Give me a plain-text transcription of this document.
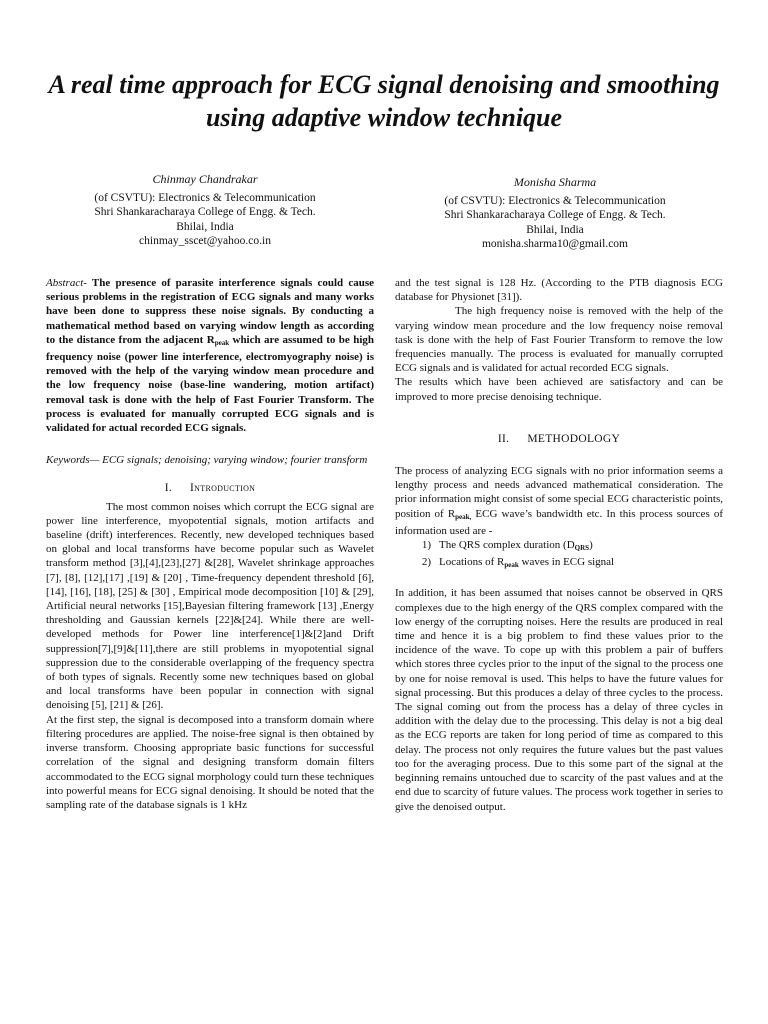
A real time approach for ECG signal denoising and smoothing using adaptive window technique
Chinmay Chandrakar
(of CSVTU): Electronics & Telecommunication
Shri Shankaracharaya College of Engg. & Tech.
Bhilai, India
chinmay_sscet@yahoo.co.in
Monisha Sharma
(of CSVTU): Electronics & Telecommunication
Shri Shankaracharaya College of Engg. & Tech.
Bhilai, India
monisha.sharma10@gmail.com

Abstract- The presence of parasite interference signals could cause serious problems in the registration of ECG signals and many works have been done to suppress these noise signals. By conducting a mathematical method based on varying window length as according to the distance from the adjacent $R_{peak}$ which are assumed to be high frequency noise (power line interference, electromyography noise) is removed with the help of the varying window mean procedure and the low frequency noise (base-line wandering, motion artifact) removal task is done with the help of Fast Fourier Transform. The process is evaluated for manually corrupted ECG signals and is validated for actual recorded ECG signals.

Keywords— ECG signals; denoising; varying window; fourier transform

I. Introduction

The most common noises which corrupt the ECG signal are power line interference, myopotential signals, motion artifacts and baseline (drift) interferences. Recently, new developed techniques based on global and local transforms have become popular such as Wavelet transform method [3],[4],[23],[27] &[28], Wavelet shrinkage approaches [7], [8], [12],[17] ,[19] & [20] , Time-frequency dependent threshold [6], [14], [16], [18], [25] & [30] , Empirical mode decomposition [10] & [29], Artificial neural networks [15],Bayesian filtering framework [13] ,Energy thresholding and Gaussian kernels [22]&[24]. While there are well-developed methods for Power line interference[1]&[2]and Drift suppression[7],[9]&[11],there are still problems in myopotential signal suppression due to the considerable overlapping of the frequency spectra of both types of signals. Recently some new techniques based on global and local transforms have been popular in connection with signal denoising [5], [21] & [26].

At the first step, the signal is decomposed into a transform domain where filtering procedures are applied. The noise-free signal is then obtained by inverse transform. Choosing appropriate basic functions for successful correlation of the signal and designing transform domain filters accommodated to the ECG signal morphology could turn these techniques into powerful means for ECG signal denoising. It should be noted that the sampling rate of the database signals is 1 kHz

and the test signal is 128 Hz. (According to the PTB diagnosis ECG database for Physionet [31]).

The high frequency noise is removed with the help of the varying window mean procedure and the low frequency noise removal task is done with the help of Fast Fourier Transform to remove the low frequencies manually. The process is evaluated for manually corrupted ECG signals and is validated for actual recorded ECG signals.

The results which have been achieved are satisfactory and can be improved to more precise denoising technique.

II. METHODOLOGY

The process of analyzing ECG signals with no prior information seems a lengthy process and needs advanced mathematical consideration. The prior information might consist of some special ECG characteristic points, position of $R_{peak,}$ ECG wave’s bandwidth etc. In this process sources of information used are -

1) The QRS complex duration $(D_{QRS})$
2) Locations of $R_{peak}$ waves in ECG signal

In addition, it has been assumed that noises cannot be observed in QRS complexes due to the high energy of the QRS complex compared with the low energy of the corrupting noises. Here the results are produced in real time and hence it is a big problem to find these values prior to the incidence of the wave. To cope up with this problem a pair of buffers which stores three cycles prior to the input of the signal to the process one by one for noise removal is used. This helps to have the future values for signal processing. But this produces a delay of three cycles to the process. The signal coming out from the process has a delay of three cycles in addition with the delay due to the processing. This delay is not a big deal as the ECG reports are taken for long period of time as compared to this delay. The process not only requires the future values but the past values too for the averaging process. Due to this some part of the signal at the beginning remains untouched due to scarcity of the past values and at the end due to scarcity of future values. The process work together in series to give the denoised output.
